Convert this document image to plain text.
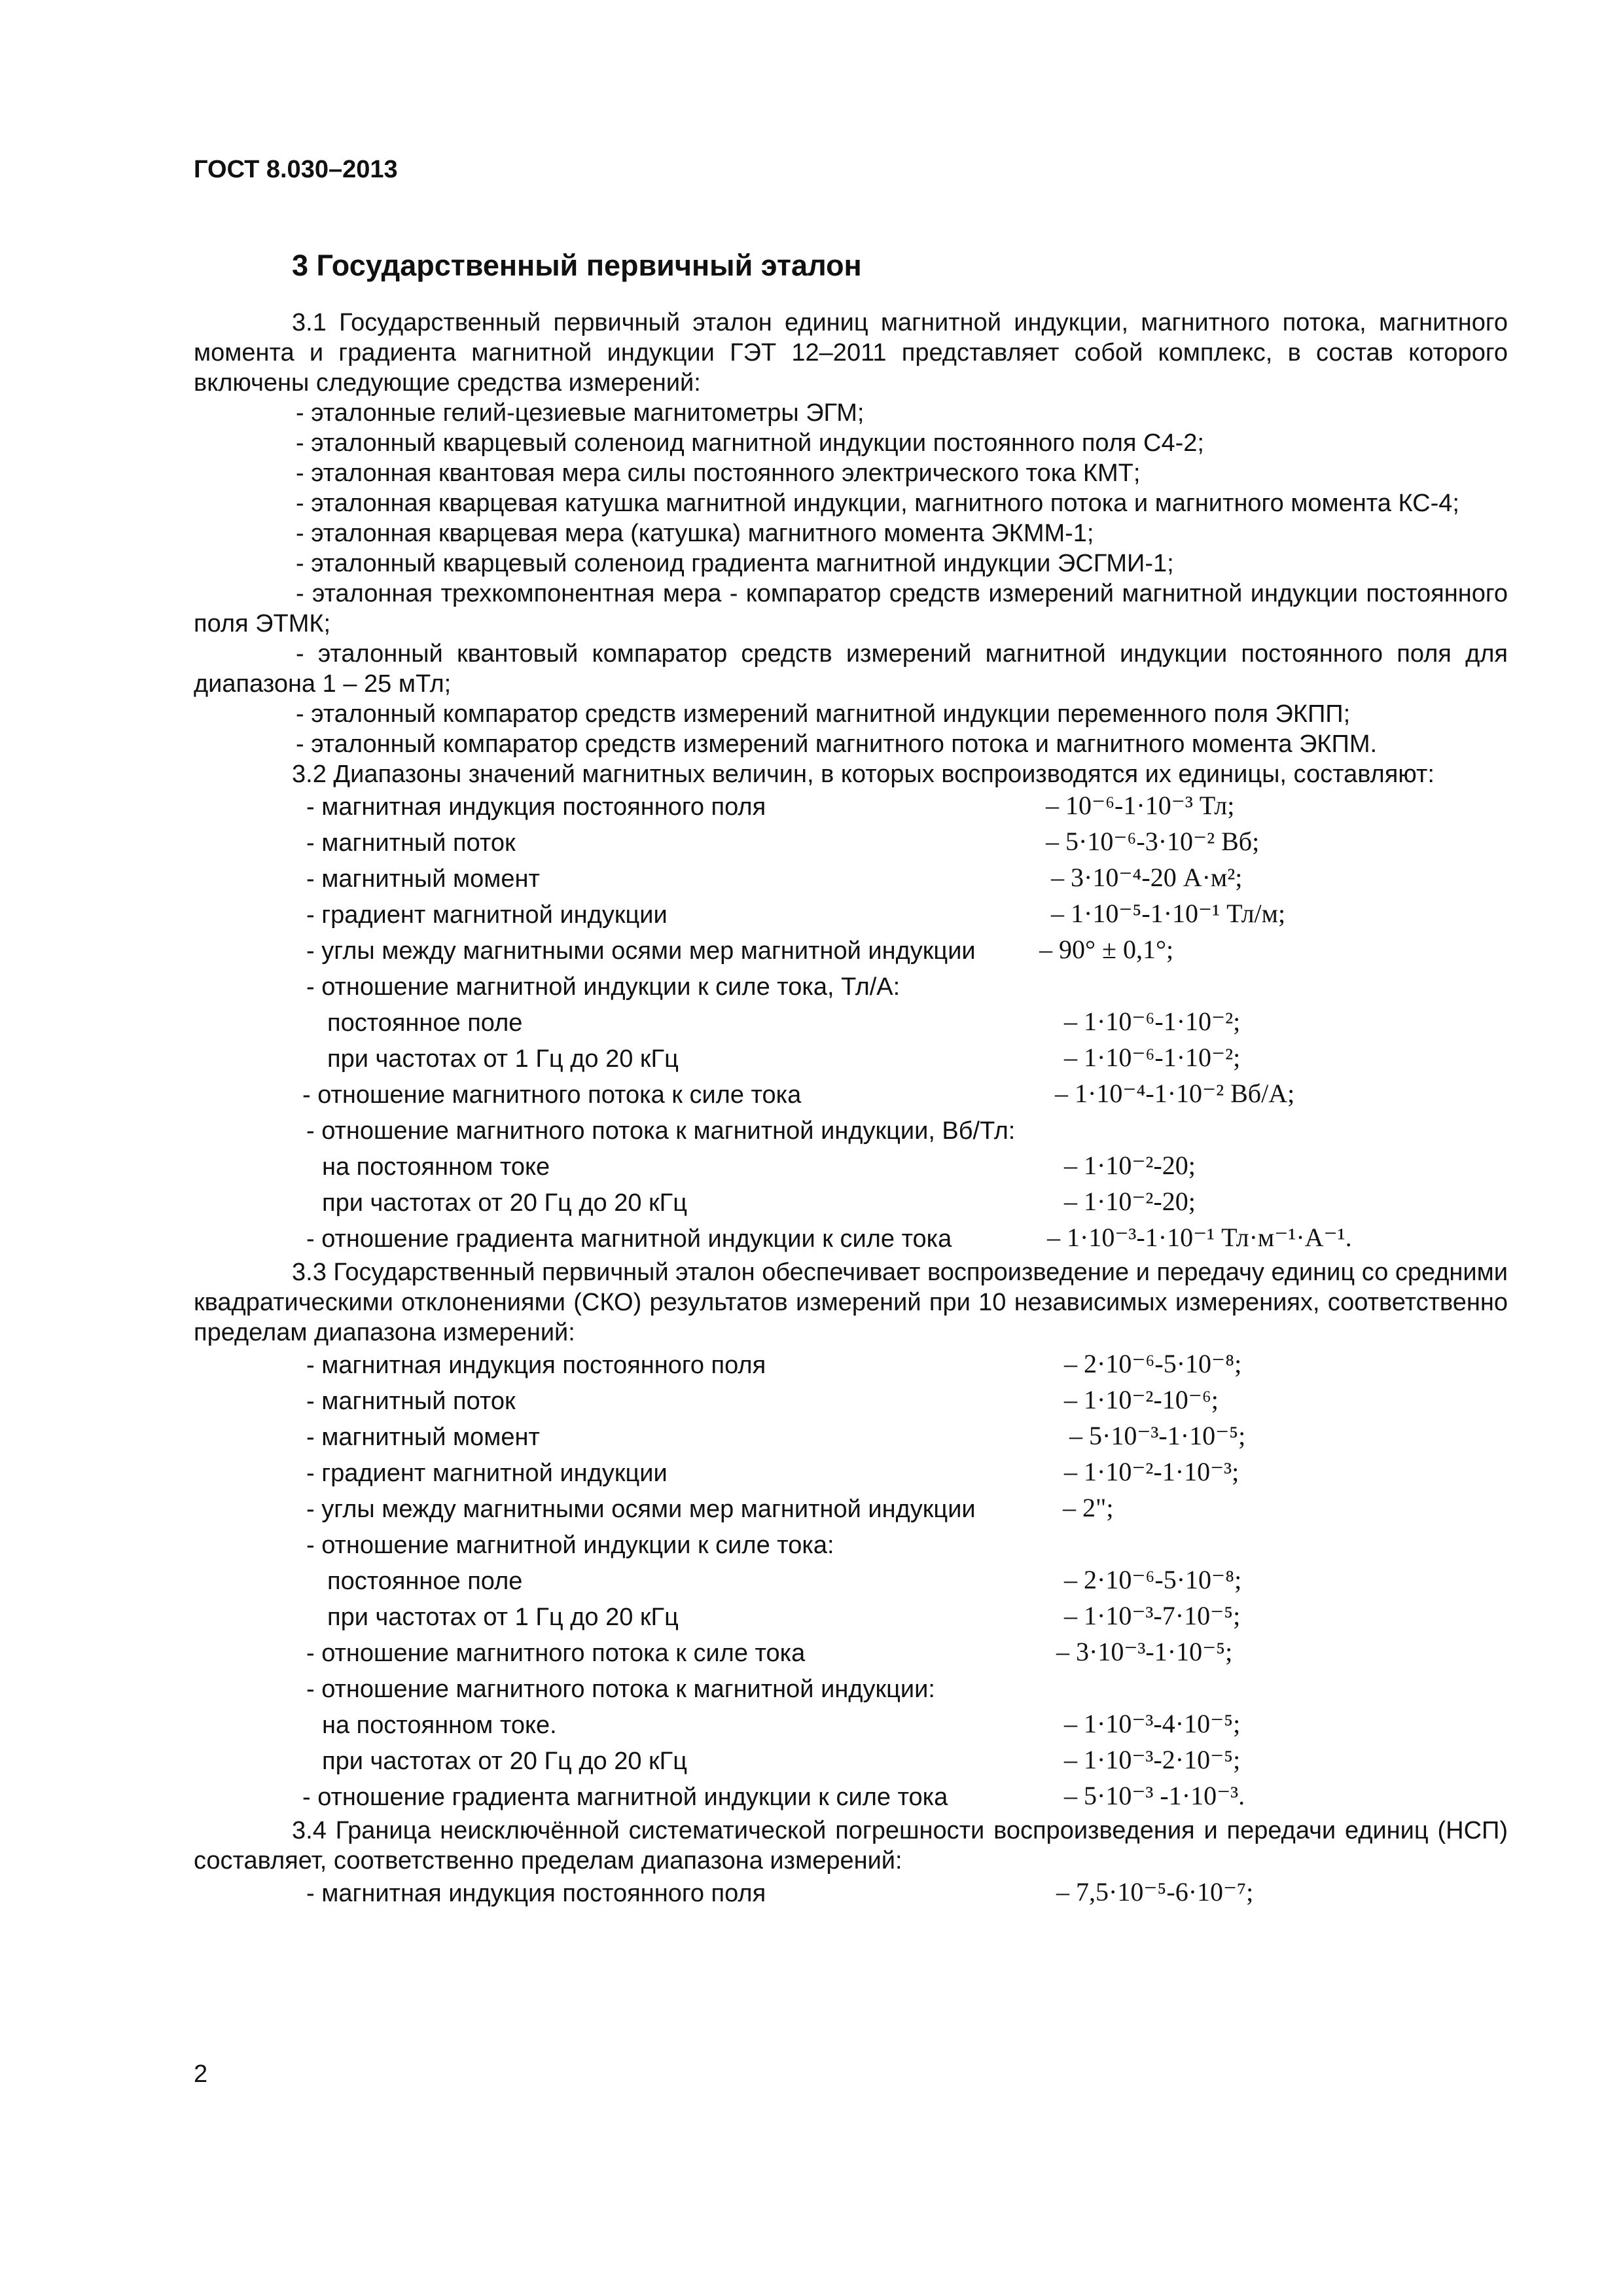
ГОСТ 8.030–2013
3 Государственный первичный эталон

3.1 Государственный первичный эталон единиц магнитной индукции, магнитного потока, магнитного момента и градиента магнитной индукции ГЭТ 12–2011 представляет собой комплекс, в состав которого включены следующие средства измерений:

- эталонные гелий-цезиевые магнитометры ЭГМ;

- эталонный кварцевый соленоид магнитной индукции постоянного поля С4-2;

- эталонная квантовая мера силы постоянного электрического тока КМТ;

- эталонная кварцевая катушка магнитной индукции, магнитного потока и магнитного момента КС-4;

- эталонная кварцевая мера (катушка) магнитного момента ЭКММ-1;

- эталонный кварцевый соленоид градиента магнитной индукции ЭСГМИ-1;

- эталонная трехкомпонентная мера - компаратор средств измерений магнитной индукции постоянного поля ЭТМК;

- эталонный квантовый компаратор средств измерений магнитной индукции постоянного поля для диапазона 1 – 25 мТл;

- эталонный компаратор средств измерений магнитной индукции переменного поля ЭКПП;

- эталонный компаратор средств измерений магнитного потока и магнитного момента ЭКПМ.

3.2 Диапазоны значений магнитных величин, в которых воспроизводятся их единицы, составляют:

- магнитная индукция постоянного поля	– 10⁻⁶-1·10⁻³ Тл;
- магнитный поток	– 5·10⁻⁶-3·10⁻² Вб;
- магнитный момент	– 3·10⁻⁴-20 А·м²;
- градиент магнитной индукции	– 1·10⁻⁵-1·10⁻¹ Тл/м;
- углы между магнитными осями мер магнитной индукции – 90° ± 0,1°;
- отношение магнитной индукции к силе тока, Тл/А:
постоянное поле	– 1·10⁻⁶-1·10⁻²;
при частотах от 1 Гц до 20 кГц	– 1·10⁻⁶-1·10⁻²;
- отношение магнитного потока к силе тока	– 1·10⁻⁴-1·10⁻² Вб/А;
- отношение магнитного потока к магнитной индукции, Вб/Тл:
на постоянном токе	– 1·10⁻²-20;
при частотах от 20 Гц до 20 кГц	– 1·10⁻²-20;
- отношение градиента магнитной индукции к силе тока	– 1·10⁻³-1·10⁻¹ Тл·м⁻¹·А⁻¹.

3.3 Государственный первичный эталон обеспечивает воспроизведение и передачу единиц со средними квадратическими отклонениями (СКО) результатов измерений при 10 независимых измерениях, соответственно пределам диапазона измерений:

- магнитная индукция постоянного поля	– 2·10⁻⁶-5·10⁻⁸;
- магнитный поток	– 1·10⁻²-10⁻⁶;
- магнитный момент	– 5·10⁻³-1·10⁻⁵;
- градиент магнитной индукции	– 1·10⁻²-1·10⁻³;
- углы между магнитными осями мер магнитной индукции	– 2";
- отношение магнитной индукции к силе тока:
постоянное поле	– 2·10⁻⁶-5·10⁻⁸;
при частотах от 1 Гц до 20 кГц	– 1·10⁻³-7·10⁻⁵;
- отношение магнитного потока к силе тока	– 3·10⁻³-1·10⁻⁵;
- отношение магнитного потока к магнитной индукции:
на постоянном токе.	– 1·10⁻³-4·10⁻⁵;
при частотах от 20 Гц до 20 кГц	– 1·10⁻³-2·10⁻⁵;
- отношение градиента магнитной индукции к силе тока	– 5·10⁻³ -1·10⁻³.

3.4 Граница неисключённой систематической погрешности воспроизведения и передачи единиц (НСП) составляет, соответственно пределам диапазона измерений:

- магнитная индукция постоянного поля	– 7,5·10⁻⁵-6·10⁻⁷;
2
